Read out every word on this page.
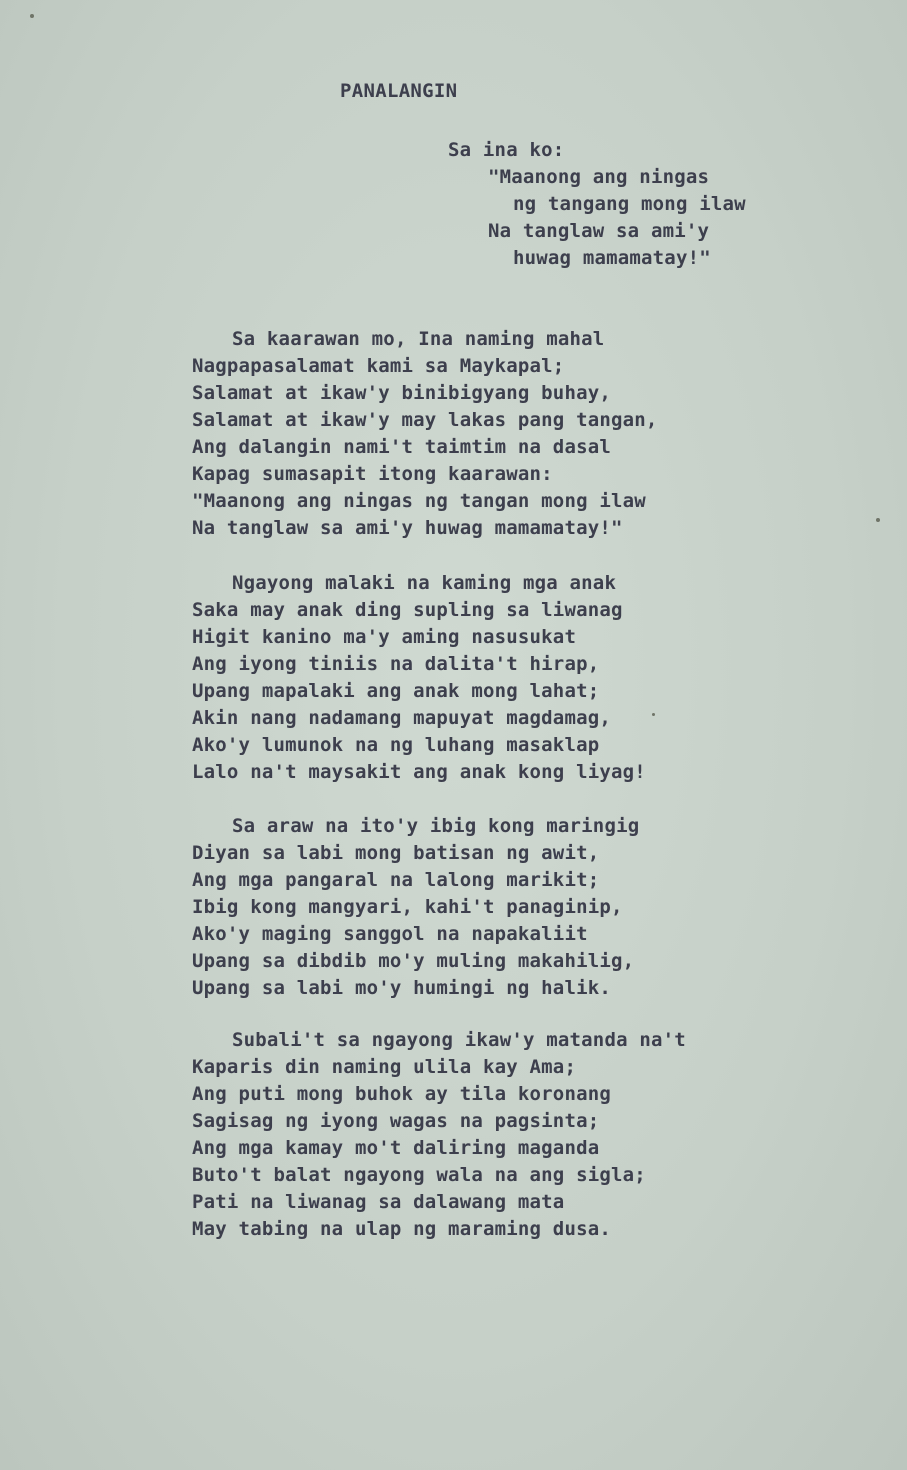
PANALANGIN

Sa ina ko:

"Maanong ang ningas

ng tangang mong ilaw

Na tanglaw sa ami'y

huwag mamamatay!"

Sa kaarawan mo, Ina naming mahal

Nagpapasalamat kami sa Maykapal;

Salamat at ikaw'y binibigyang buhay,

Salamat at ikaw'y may lakas pang tangan,

Ang dalangin nami't taimtim na dasal

Kapag sumasapit itong kaarawan:

"Maanong ang ningas ng tangan mong ilaw

Na tanglaw sa ami'y huwag mamamatay!"

Ngayong malaki na kaming mga anak

Saka may anak ding supling sa liwanag

Higit kanino ma'y aming nasusukat

Ang iyong tiniis na dalita't hirap,

Upang mapalaki ang anak mong lahat;

Akin nang nadamang mapuyat magdamag,

Ako'y lumunok na ng luhang masaklap

Lalo na't maysakit ang anak kong liyag!

Sa araw na ito'y ibig kong maringig

Diyan sa labi mong batisan ng awit,

Ang mga pangaral na lalong marikit;

Ibig kong mangyari, kahi't panaginip,

Ako'y maging sanggol na napakaliit

Upang sa dibdib mo'y muling makahilig,

Upang sa labi mo'y humingi ng halik.

Subali't sa ngayong ikaw'y matanda na't

Kaparis din naming ulila kay Ama;

Ang puti mong buhok ay tila koronang

Sagisag ng iyong wagas na pagsinta;

Ang mga kamay mo't daliring maganda

Buto't balat ngayong wala na ang sigla;

Pati na liwanag sa dalawang mata

May tabing na ulap ng maraming dusa.
